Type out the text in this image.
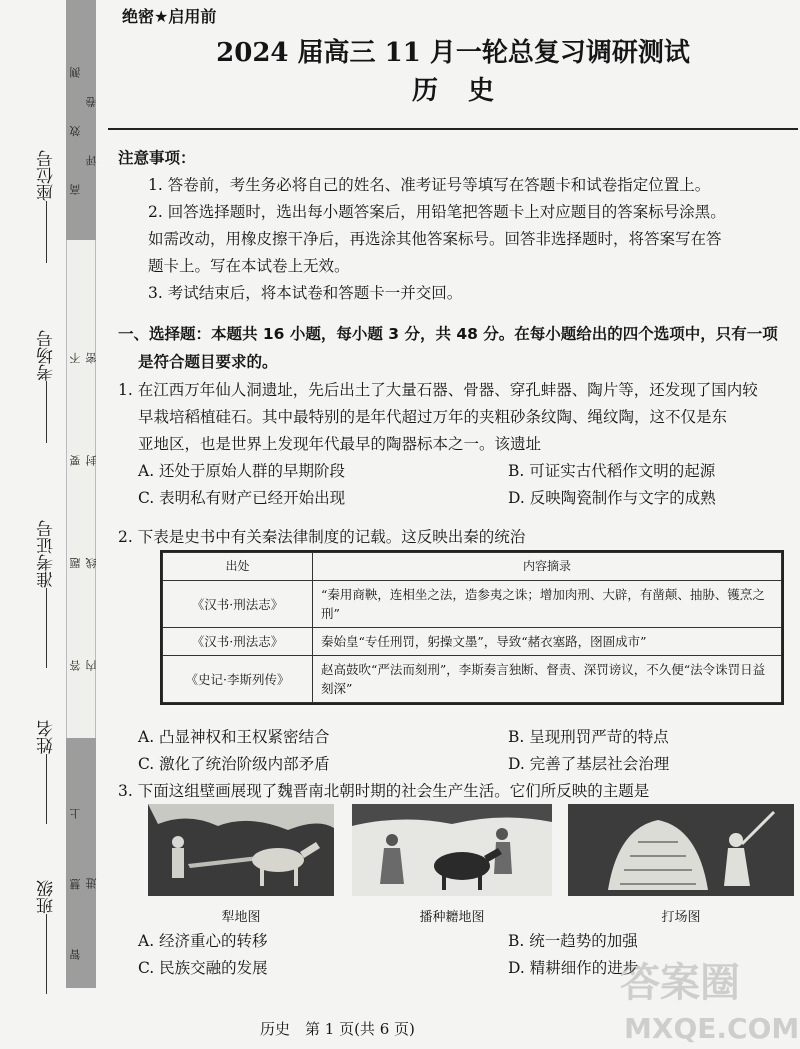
高 效 测 评 卷
答 题 要 不 内 线 封 密
智 慧 上 进
座位号
考场号
准考证号
姓名
班级
绝密★启用前
2024 届高三 11 月一轮总复习调研测试
历史
注意事项：
1. 答卷前，考生务必将自己的姓名、准考证号等填写在答题卡和试卷指定位置上。
2. 回答选择题时，选出每小题答案后，用铅笔把答题卡上对应题目的答案标号涂黑。
如需改动，用橡皮擦干净后，再选涂其他答案标号。回答非选择题时，将答案写在答
题卡上。写在本试卷上无效。
3. 考试结束后，将本试卷和答题卡一并交回。
一、选择题：本题共 16 小题，每小题 3 分，共 48 分。在每小题给出的四个选项中，只有一项
是符合题目要求的。
1. 在江西万年仙人洞遗址，先后出土了大量石器、骨器、穿孔蚌器、陶片等，还发现了国内较
早栽培稻植硅石。其中最特别的是年代超过万年的夹粗砂条纹陶、绳纹陶，这不仅是东
亚地区，也是世界上发现年代最早的陶器标本之一。该遗址
A. 还处于原始人群的早期阶段	B. 可证实古代稻作文明的起源
C. 表明私有财产已经开始出现	D. 反映陶瓷制作与文字的成熟
2. 下表是史书中有关秦法律制度的记载。这反映出秦的统治
出处	内容摘录
《汉书·刑法志》	“秦用商鞅，连相坐之法，造参夷之诛；增加肉刑、大辟，有凿颠、抽胁、镬烹之刑”
《汉书·刑法志》	秦始皇“专任刑罚，躬操文墨”，导致“赭衣塞路，囹圄成市”
《史记·李斯列传》	赵高鼓吹“严法而刻刑”，李斯奏言独断、督责、深罚谤议，不久便“法令诛罚日益刻深”
A. 凸显神权和王权紧密结合	B. 呈现刑罚严苛的特点
C. 激化了统治阶级内部矛盾	D. 完善了基层社会治理
3. 下面这组壁画展现了魏晋南北朝时期的社会生产生活。它们所反映的主题是
犁地图	播种耱地图	打场图
A. 经济重心的转移	B. 统一趋势的加强
C. 民族交融的发展	D. 精耕细作的进步
历史　第 1 页(共 6 页)
答案圈
MXQE.COM
